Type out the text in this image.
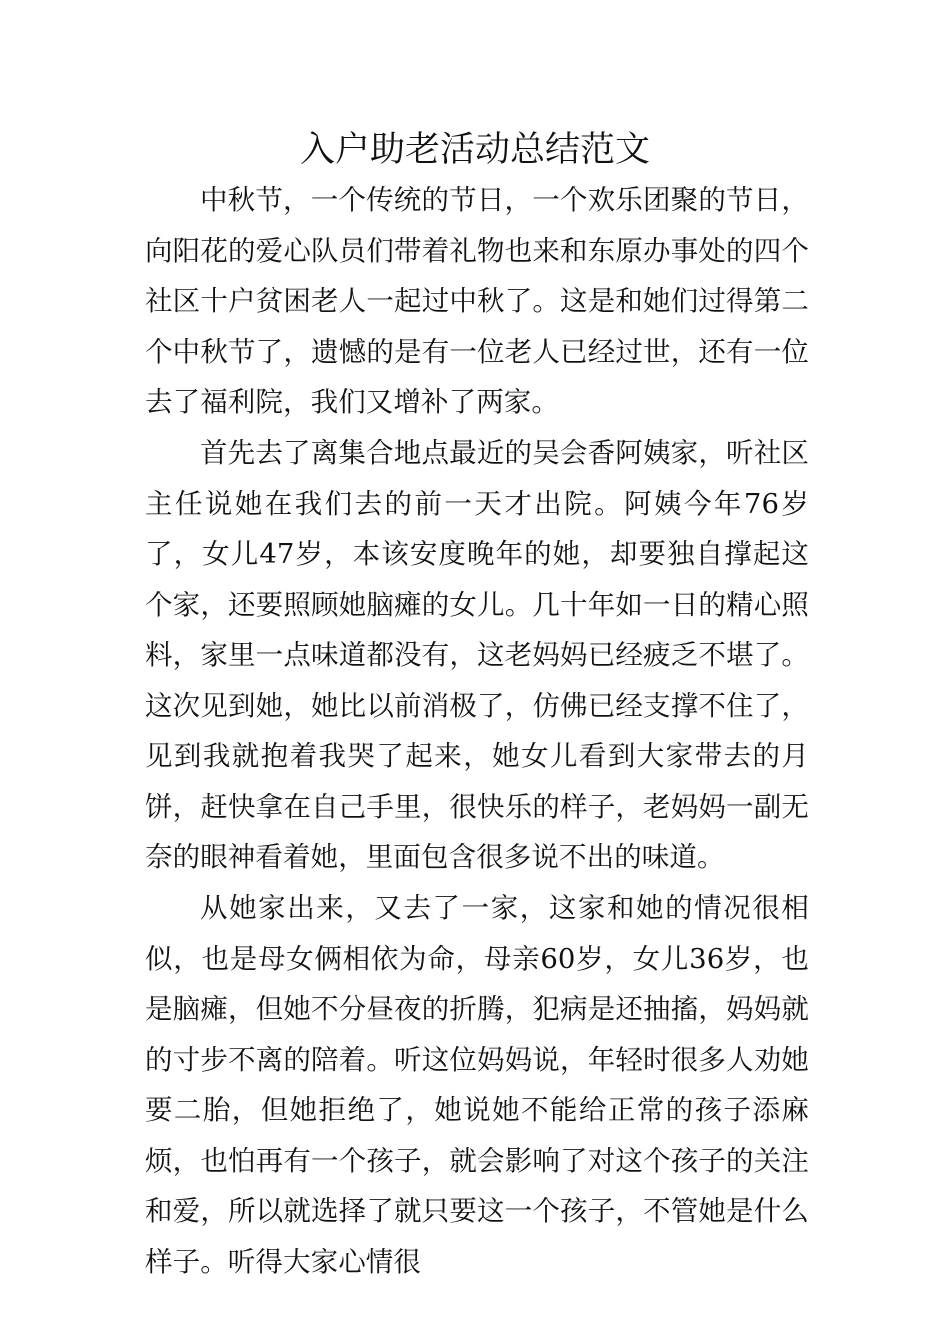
入户助老活动总结范文

中秋节，一个传统的节日，一个欢乐团聚的节日，向阳花的爱心队员们带着礼物也来和东原办事处的四个社区十户贫困老人一起过中秋了。这是和她们过得第二个中秋节了，遗憾的是有一位老人已经过世，还有一位去了福利院，我们又增补了两家。

首先去了离集合地点最近的吴会香阿姨家，听社区主任说她在我们去的前一天才出院。阿姨今年76岁了，女儿47岁，本该安度晚年的她，却要独自撑起这个家，还要照顾她脑瘫的女儿。几十年如一日的精心照料，家里一点味道都没有，这老妈妈已经疲乏不堪了。这次见到她，她比以前消极了，仿佛已经支撑不住了，见到我就抱着我哭了起来，她女儿看到大家带去的月饼，赶快拿在自己手里，很快乐的样子，老妈妈一副无奈的眼神看着她，里面包含很多说不出的味道。

从她家出来，又去了一家，这家和她的情况很相似，也是母女俩相依为命，母亲60岁，女儿36岁，也是脑瘫，但她不分昼夜的折腾，犯病是还抽搐，妈妈就的寸步不离的陪着。听这位妈妈说，年轻时很多人劝她要二胎，但她拒绝了，她说她不能给正常的孩子添麻烦，也怕再有一个孩子，就会影响了对这个孩子的关注和爱，所以就选择了就只要这一个孩子，不管她是什么样子。听得大家心情很
